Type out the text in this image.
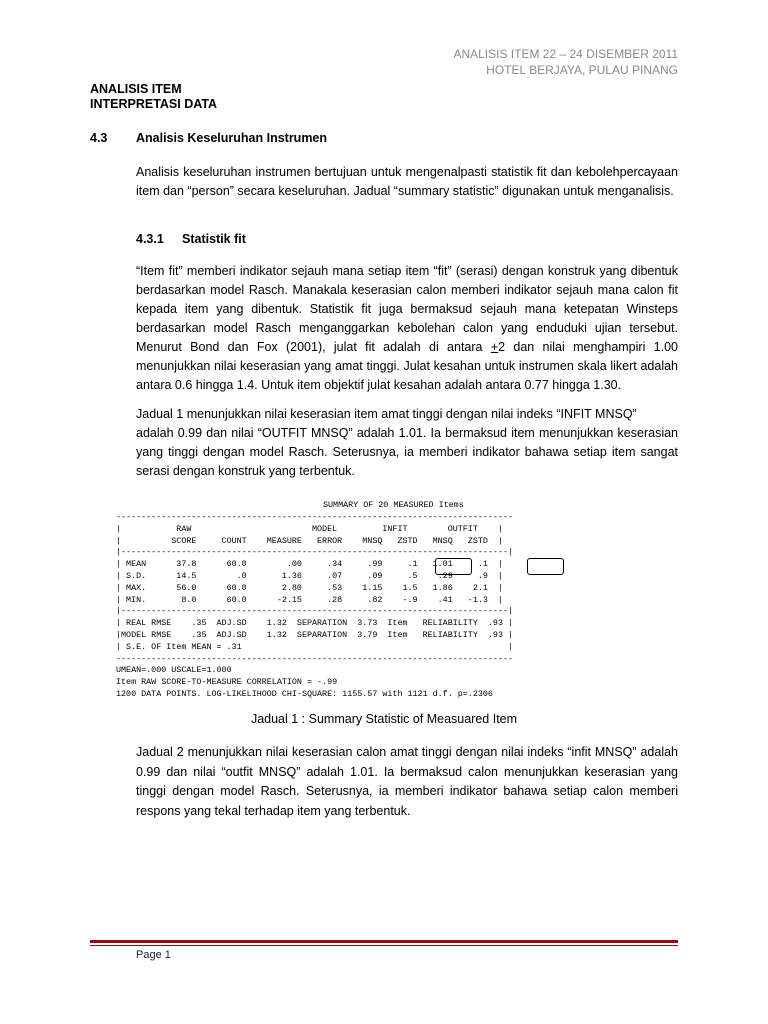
ANALISIS ITEM 22 – 24 DISEMBER 2011
HOTEL BERJAYA, PULAU PINANG
ANALISIS ITEM
INTERPRETASI DATA
4.3 Analisis Keseluruhan Instrumen
Analisis keseluruhan instrumen bertujuan untuk mengenalpasti statistik fit dan kebolehpercayaan item dan “person” secara keseluruhan. Jadual “summary statistic” digunakan untuk menganalisis.
4.3.1 Statistik fit
“Item fit” memberi indikator sejauh mana setiap item “fit” (serasi) dengan konstruk yang dibentuk berdasarkan model Rasch. Manakala keserasian calon memberi indikator sejauh mana calon fit kepada item yang dibentuk. Statistik fit juga bermaksud sejauh mana ketepatan Winsteps berdasarkan model Rasch menganggarkan kebolehan calon yang enduduki ujian tersebut. Menurut Bond dan Fox (2001), julat fit adalah di antara +2 dan nilai menghampiri 1.00 menunjukkan nilai keserasian yang amat tinggi. Julat kesahan untuk instrumen skala likert adalah antara 0.6 hingga 1.4. Untuk item objektif julat kesahan adalah antara 0.77 hingga 1.30.
Jadual 1 menunjukkan nilai keserasian item amat tinggi dengan nilai indeks “INFIT MNSQ”
adalah 0.99 dan nilai “OUTFIT MNSQ” adalah 1.01. Ia bermaksud item menunjukkan keserasian yang tinggi dengan model Rasch. Seterusnya, ia memberi indikator bahawa setiap item sangat serasi dengan konstruk yang terbentuk.
SUMMARY OF 20 MEASURED Items
-------------------------------------------------------------------------------
|           RAW                        MODEL         INFIT        OUTFIT    |
|          SCORE     COUNT    MEASURE   ERROR    MNSQ   ZSTD   MNSQ   ZSTD  |
|-----------------------------------------------------------------------------|
| MEAN      37.8      60.0        .00     .34     .99     .1   1.01     .1  |
| S.D.      14.5        .0       1.36     .07     .09     .5    .29     .9  |
| MAX.      56.0      60.0       2.80     .53    1.15    1.5   1.86    2.1  |
| MIN.       8.0      60.0      -2.15     .28     .82    -.9    .41   -1.3  |
|-----------------------------------------------------------------------------|
| REAL RMSE    .35  ADJ.SD    1.32  SEPARATION  3.73  Item   RELIABILITY  .93 |
|MODEL RMSE    .35  ADJ.SD    1.32  SEPARATION  3.79  Item   RELIABILITY  .93 |
| S.E. OF Item MEAN = .31                                                     |
-------------------------------------------------------------------------------
UMEAN=.000 USCALE=1.000
Item RAW SCORE-TO-MEASURE CORRELATION = -.99
1200 DATA POINTS. LOG-LIKELIHOOD CHI-SQUARE: 1155.57 with 1121 d.f. p=.2306
Jadual 1 : Summary Statistic of Measuared Item
Jadual 2 menunjukkan nilai keserasian calon amat tinggi dengan nilai indeks “infit MNSQ” adalah 0.99 dan nilai “outfit MNSQ” adalah 1.01. Ia bermaksud calon menunjukkan keserasian yang tinggi dengan model Rasch. Seterusnya, ia memberi indikator bahawa setiap calon memberi respons yang tekal terhadap item yang terbentuk.
Page 1
